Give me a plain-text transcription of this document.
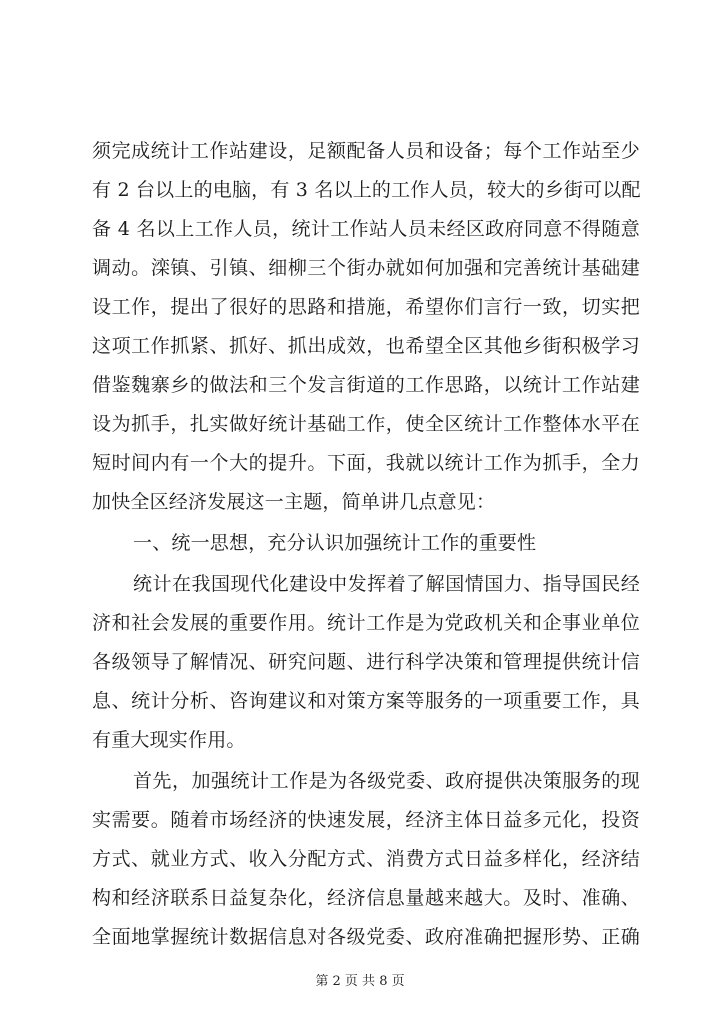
须完成统计工作站建设，足额配备人员和设备；每个工作站至少
有 2 台以上的电脑，有 3 名以上的工作人员，较大的乡街可以配
备 4 名以上工作人员，统计工作站人员未经区政府同意不得随意
调动。滦镇、引镇、细柳三个街办就如何加强和完善统计基础建
设工作，提出了很好的思路和措施，希望你们言行一致，切实把
这项工作抓紧、抓好、抓出成效，也希望全区其他乡街积极学习
借鉴魏寨乡的做法和三个发言街道的工作思路，以统计工作站建
设为抓手，扎实做好统计基础工作，使全区统计工作整体水平在
短时间内有一个大的提升。下面，我就以统计工作为抓手，全力
加快全区经济发展这一主题，简单讲几点意见：
一、统一思想，充分认识加强统计工作的重要性
统计在我国现代化建设中发挥着了解国情国力、指导国民经
济和社会发展的重要作用。统计工作是为党政机关和企事业单位
各级领导了解情况、研究问题、进行科学决策和管理提供统计信
息、统计分析、咨询建议和对策方案等服务的一项重要工作，具
有重大现实作用。
首先，加强统计工作是为各级党委、政府提供决策服务的现
实需要。随着市场经济的快速发展，经济主体日益多元化，投资
方式、就业方式、收入分配方式、消费方式日益多样化，经济结
构和经济联系日益复杂化，经济信息量越来越大。及时、准确、
全面地掌握统计数据信息对各级党委、政府准确把握形势、正确
第 2 页 共 8 页
